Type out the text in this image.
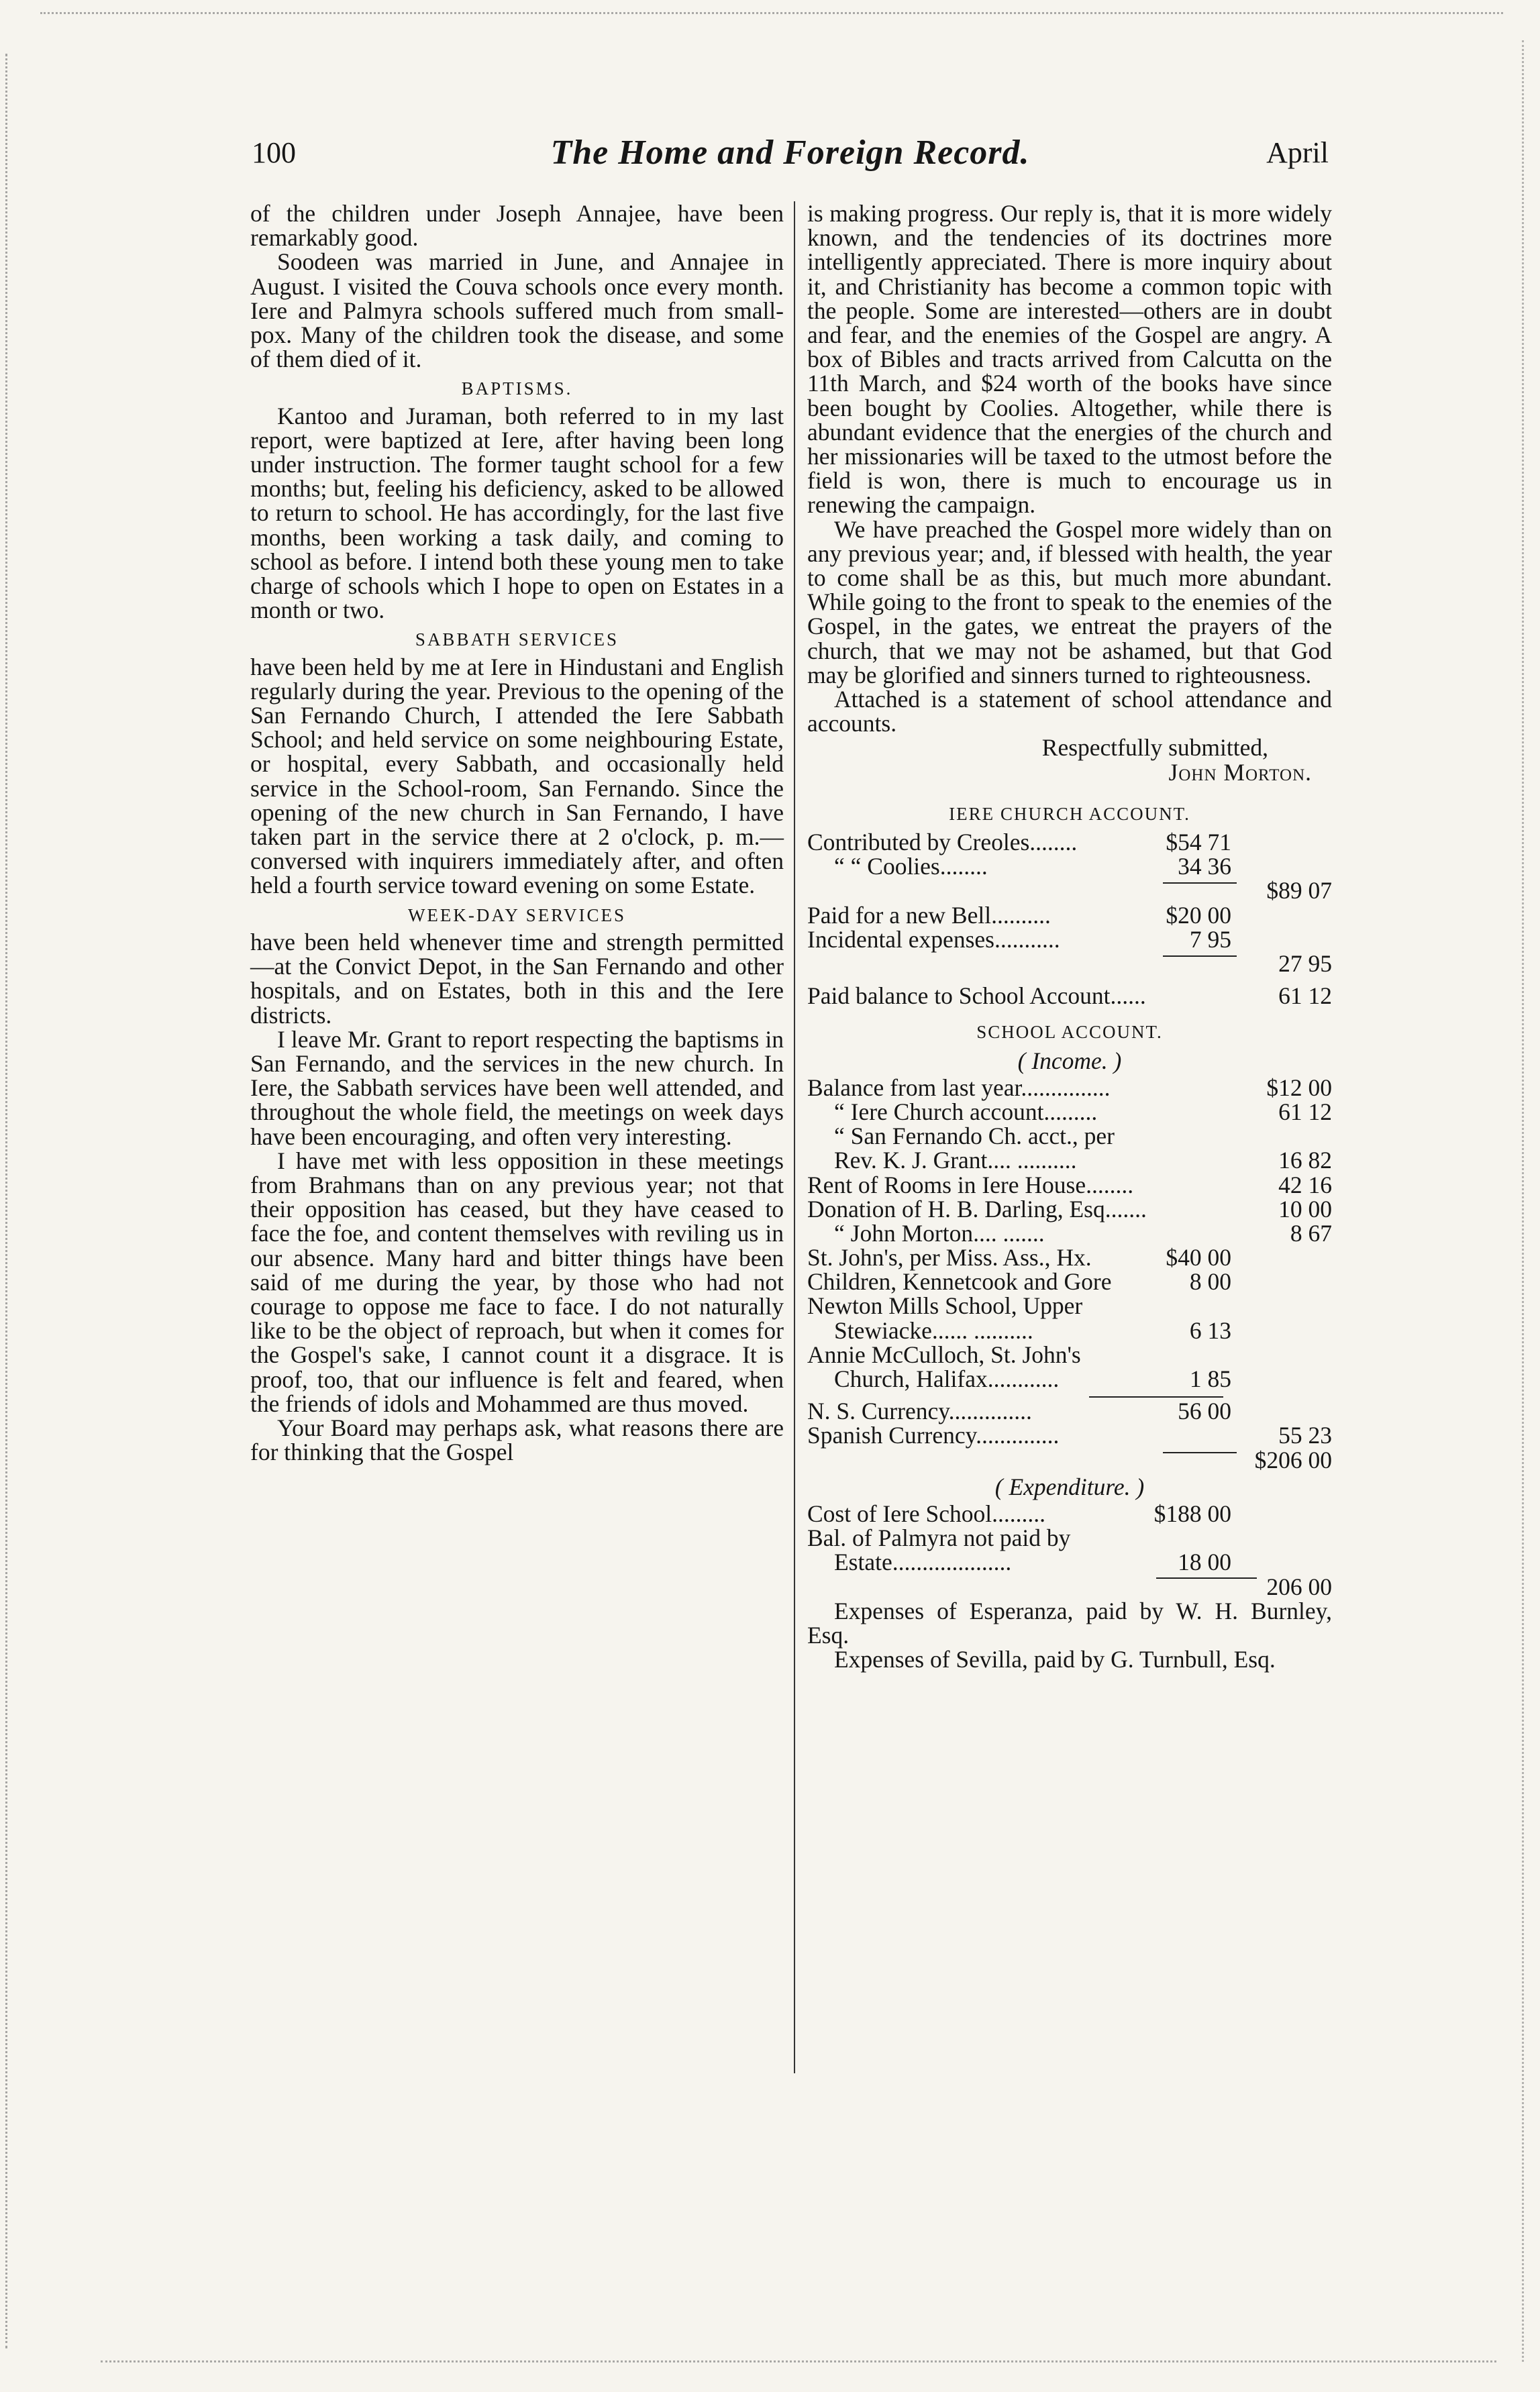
100	The Home and Foreign Record.	April

of the children under Joseph Annajee, have been remarkably good.

Soodeen was married in June, and Annajee in August. I visited the Couva schools once every month. Iere and Palmyra schools suffered much from small-pox. Many of the children took the disease, and some of them died of it.

BAPTISMS.

Kantoo and Juraman, both referred to in my last report, were baptized at Iere, after having been long under instruction. The former taught school for a few months; but, feeling his deficiency, asked to be allowed to return to school. He has accordingly, for the last five months, been working a task daily, and coming to school as before. I intend both these young men to take charge of schools which I hope to open on Estates in a month or two.

SABBATH SERVICES

have been held by me at Iere in Hindustani and English regularly during the year. Previous to the opening of the San Fernando Church, I attended the Iere Sabbath School; and held service on some neighbouring Estate, or hospital, every Sabbath, and occasionally held service in the School-room, San Fernando. Since the opening of the new church in San Fernando, I have taken part in the service there at 2 o'clock, p. m.—conversed with inquirers immediately after, and often held a fourth service toward evening on some Estate.

WEEK-DAY SERVICES

have been held whenever time and strength permitted—at the Convict Depot, in the San Fernando and other hospitals, and on Estates, both in this and the Iere districts.

I leave Mr. Grant to report respecting the baptisms in San Fernando, and the services in the new church. In Iere, the Sabbath services have been well attended, and throughout the whole field, the meetings on week days have been encouraging, and often very interesting.

I have met with less opposition in these meetings from Brahmans than on any previous year; not that their opposition has ceased, but they have ceased to face the foe, and content themselves with reviling us in our absence. Many hard and bitter things have been said of me during the year, by those who had not courage to oppose me face to face. I do not naturally like to be the object of reproach, but when it comes for the Gospel's sake, I cannot count it a disgrace. It is proof, too, that our influence is felt and feared, when the friends of idols and Mohammed are thus moved.

Your Board may perhaps ask, what reasons there are for thinking that the Gospel

is making progress. Our reply is, that it is more widely known, and the tendencies of its doctrines more intelligently appreciated. There is more inquiry about it, and Christianity has become a common topic with the people. Some are interested—others are in doubt and fear, and the enemies of the Gospel are angry. A box of Bibles and tracts arrived from Calcutta on the 11th March, and $24 worth of the books have since been bought by Coolies. Altogether, while there is abundant evidence that the energies of the church and her missionaries will be taxed to the utmost before the field is won, there is much to encourage us in renewing the campaign.

We have preached the Gospel more widely than on any previous year; and, if blessed with health, the year to come shall be as this, but much more abundant. While going to the front to speak to the enemies of the Gospel, in the gates, we entreat the prayers of the church, that we may not be ashamed, but that God may be glorified and sinners turned to righteousness.

Attached is a statement of school attendance and accounts.

Respectfully submitted,
John Morton.
IERE CHURCH ACCOUNT.
Contributed by Creoles........	$54 71
“ “ Coolies........	34 36
$89 07
Paid for a new Bell..........	$20 00
Incidental expenses...........	7 95
27 95
Paid balance to School Account......	61 12
SCHOOL ACCOUNT.
( Income. )
Balance from last year...............	$12 00
“ Iere Church account.........	61 12
“ San Fernando Ch. acct., per
Rev. K. J. Grant.... ..........	16 82
Rent of Rooms in Iere House........	42 16
Donation of H. B. Darling, Esq.......	10 00
“ John Morton.... .......	8 67
St. John's, per Miss. Ass., Hx.	$40 00
Children, Kennetcook and Gore	8 00
Newton Mills School, Upper
Stewiacke...... ..........	6 13
Annie McCulloch, St. John's
Church, Halifax............	1 85
N. S. Currency..............	56 00
Spanish Currency..............	55 23
$206 00
( Expenditure. )
Cost of Iere School.........	$188 00
Bal. of Palmyra not paid by
Estate....................	18 00
206 00

Expenses of Esperanza, paid by W. H. Burnley, Esq.

Expenses of Sevilla, paid by G. Turnbull, Esq.
